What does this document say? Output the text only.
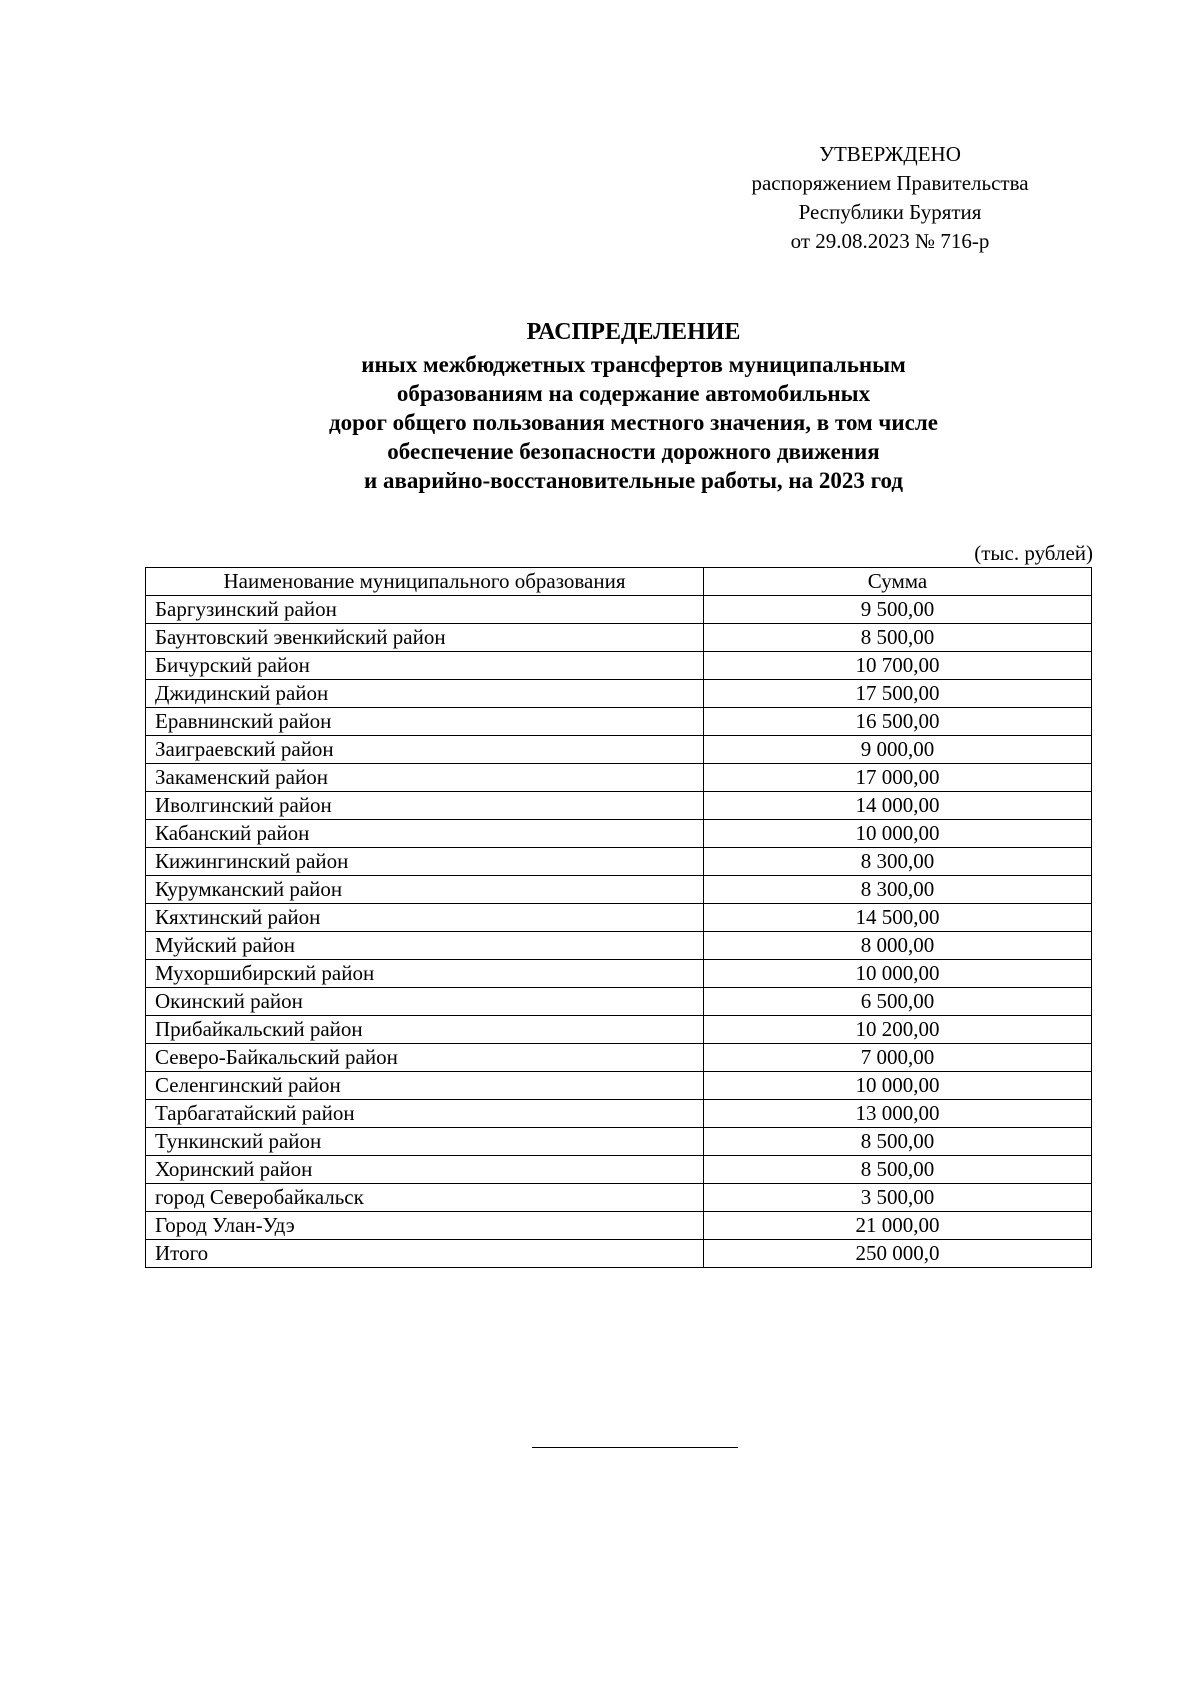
УТВЕРЖДЕНО
распоряжением Правительства
Республики Бурятия
от 29.08.2023 № 716-р
РАСПРЕДЕЛЕНИЕ
иных межбюджетных трансфертов муниципальным
образованиям на содержание автомобильных
дорог общего пользования местного значения, в том числе
обеспечение безопасности дорожного движения
и аварийно-восстановительные работы, на 2023 год
(тыс. рублей)
Наименование муниципального образования	Сумма
Баргузинский район	9 500,00
Баунтовский эвенкийский район	8 500,00
Бичурский район	10 700,00
Джидинский район	17 500,00
Еравнинский район	16 500,00
Заиграевский район	9 000,00
Закаменский район	17 000,00
Иволгинский район	14 000,00
Кабанский район	10 000,00
Кижингинский район	8 300,00
Курумканский район	8 300,00
Кяхтинский район	14 500,00
Муйский район	8 000,00
Мухоршибирский район	10 000,00
Окинский район	6 500,00
Прибайкальский район	10 200,00
Северо-Байкальский район	7 000,00
Селенгинский район	10 000,00
Тарбагатайский район	13 000,00
Тункинский район	8 500,00
Хоринский район	8 500,00
город Северобайкальск	3 500,00
Город Улан-Удэ	21 000,00
Итого	250 000,0
